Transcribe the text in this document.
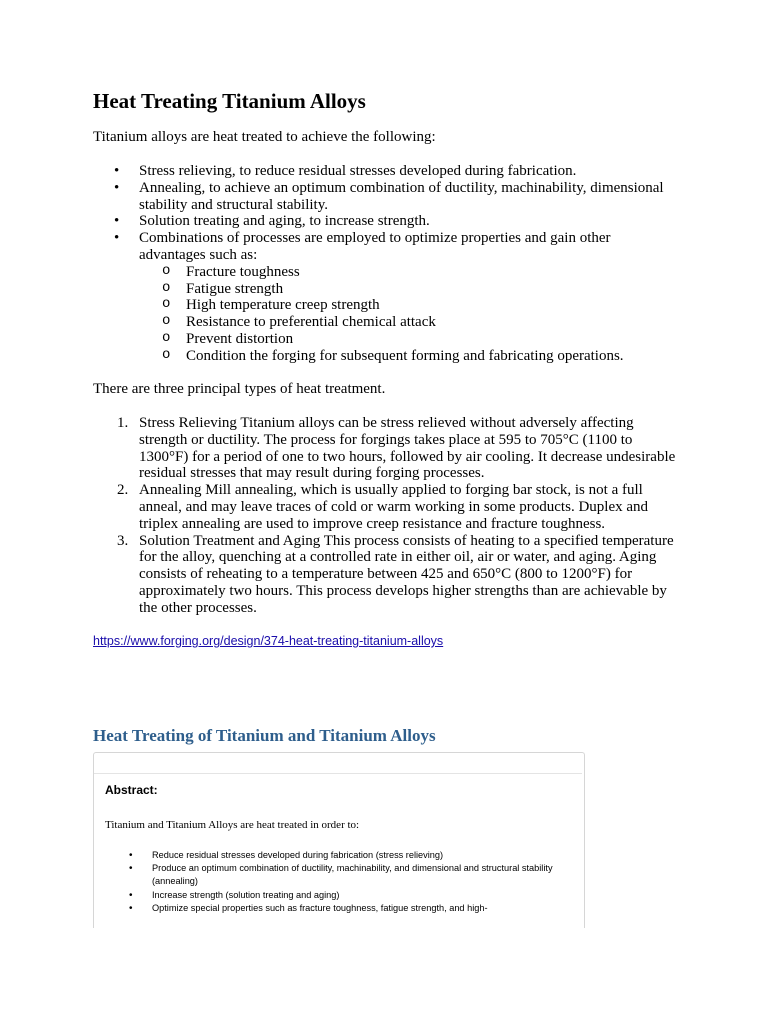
Heat Treating Titanium Alloys

Titanium alloys are heat treated to achieve the following:

• Stress relieving, to reduce residual stresses developed during fabrication.
• Annealing, to achieve an optimum combination of ductility, machinability, dimensional stability and structural stability.
• Solution treating and aging, to increase strength.
• Combinations of processes are employed to optimize properties and gain other advantages such as:
o Fracture toughness
o Fatigue strength
o High temperature creep strength
o Resistance to preferential chemical attack
o Prevent distortion
o Condition the forging for subsequent forming and fabricating operations.

There are three principal types of heat treatment.

1. Stress Relieving Titanium alloys can be stress relieved without adversely affecting strength or ductility. The process for forgings takes place at 595 to 705°C (1100 to 1300°F) for a period of one to two hours, followed by air cooling. It decrease undesirable residual stresses that may result during forging processes.
2. Annealing Mill annealing, which is usually applied to forging bar stock, is not a full anneal, and may leave traces of cold or warm working in some products. Duplex and triplex annealing are used to improve creep resistance and fracture toughness.
3. Solution Treatment and Aging This process consists of heating to a specified temperature for the alloy, quenching at a controlled rate in either oil, air or water, and aging. Aging consists of reheating to a temperature between 425 and 650°C (800 to 1200°F) for approximately two hours. This process develops higher strengths than are achievable by the other processes.
https://www.forging.org/design/374-heat-treating-titanium-alloys
Heat Treating of Titanium and Titanium Alloys
Abstract:
Titanium and Titanium Alloys are heat treated in order to:
• Reduce residual stresses developed during fabrication (stress relieving)
• Produce an optimum combination of ductility, machinability, and dimensional and structural stability (annealing)
• Increase strength (solution treating and aging)
• Optimize special properties such as fracture toughness, fatigue strength, and high-
